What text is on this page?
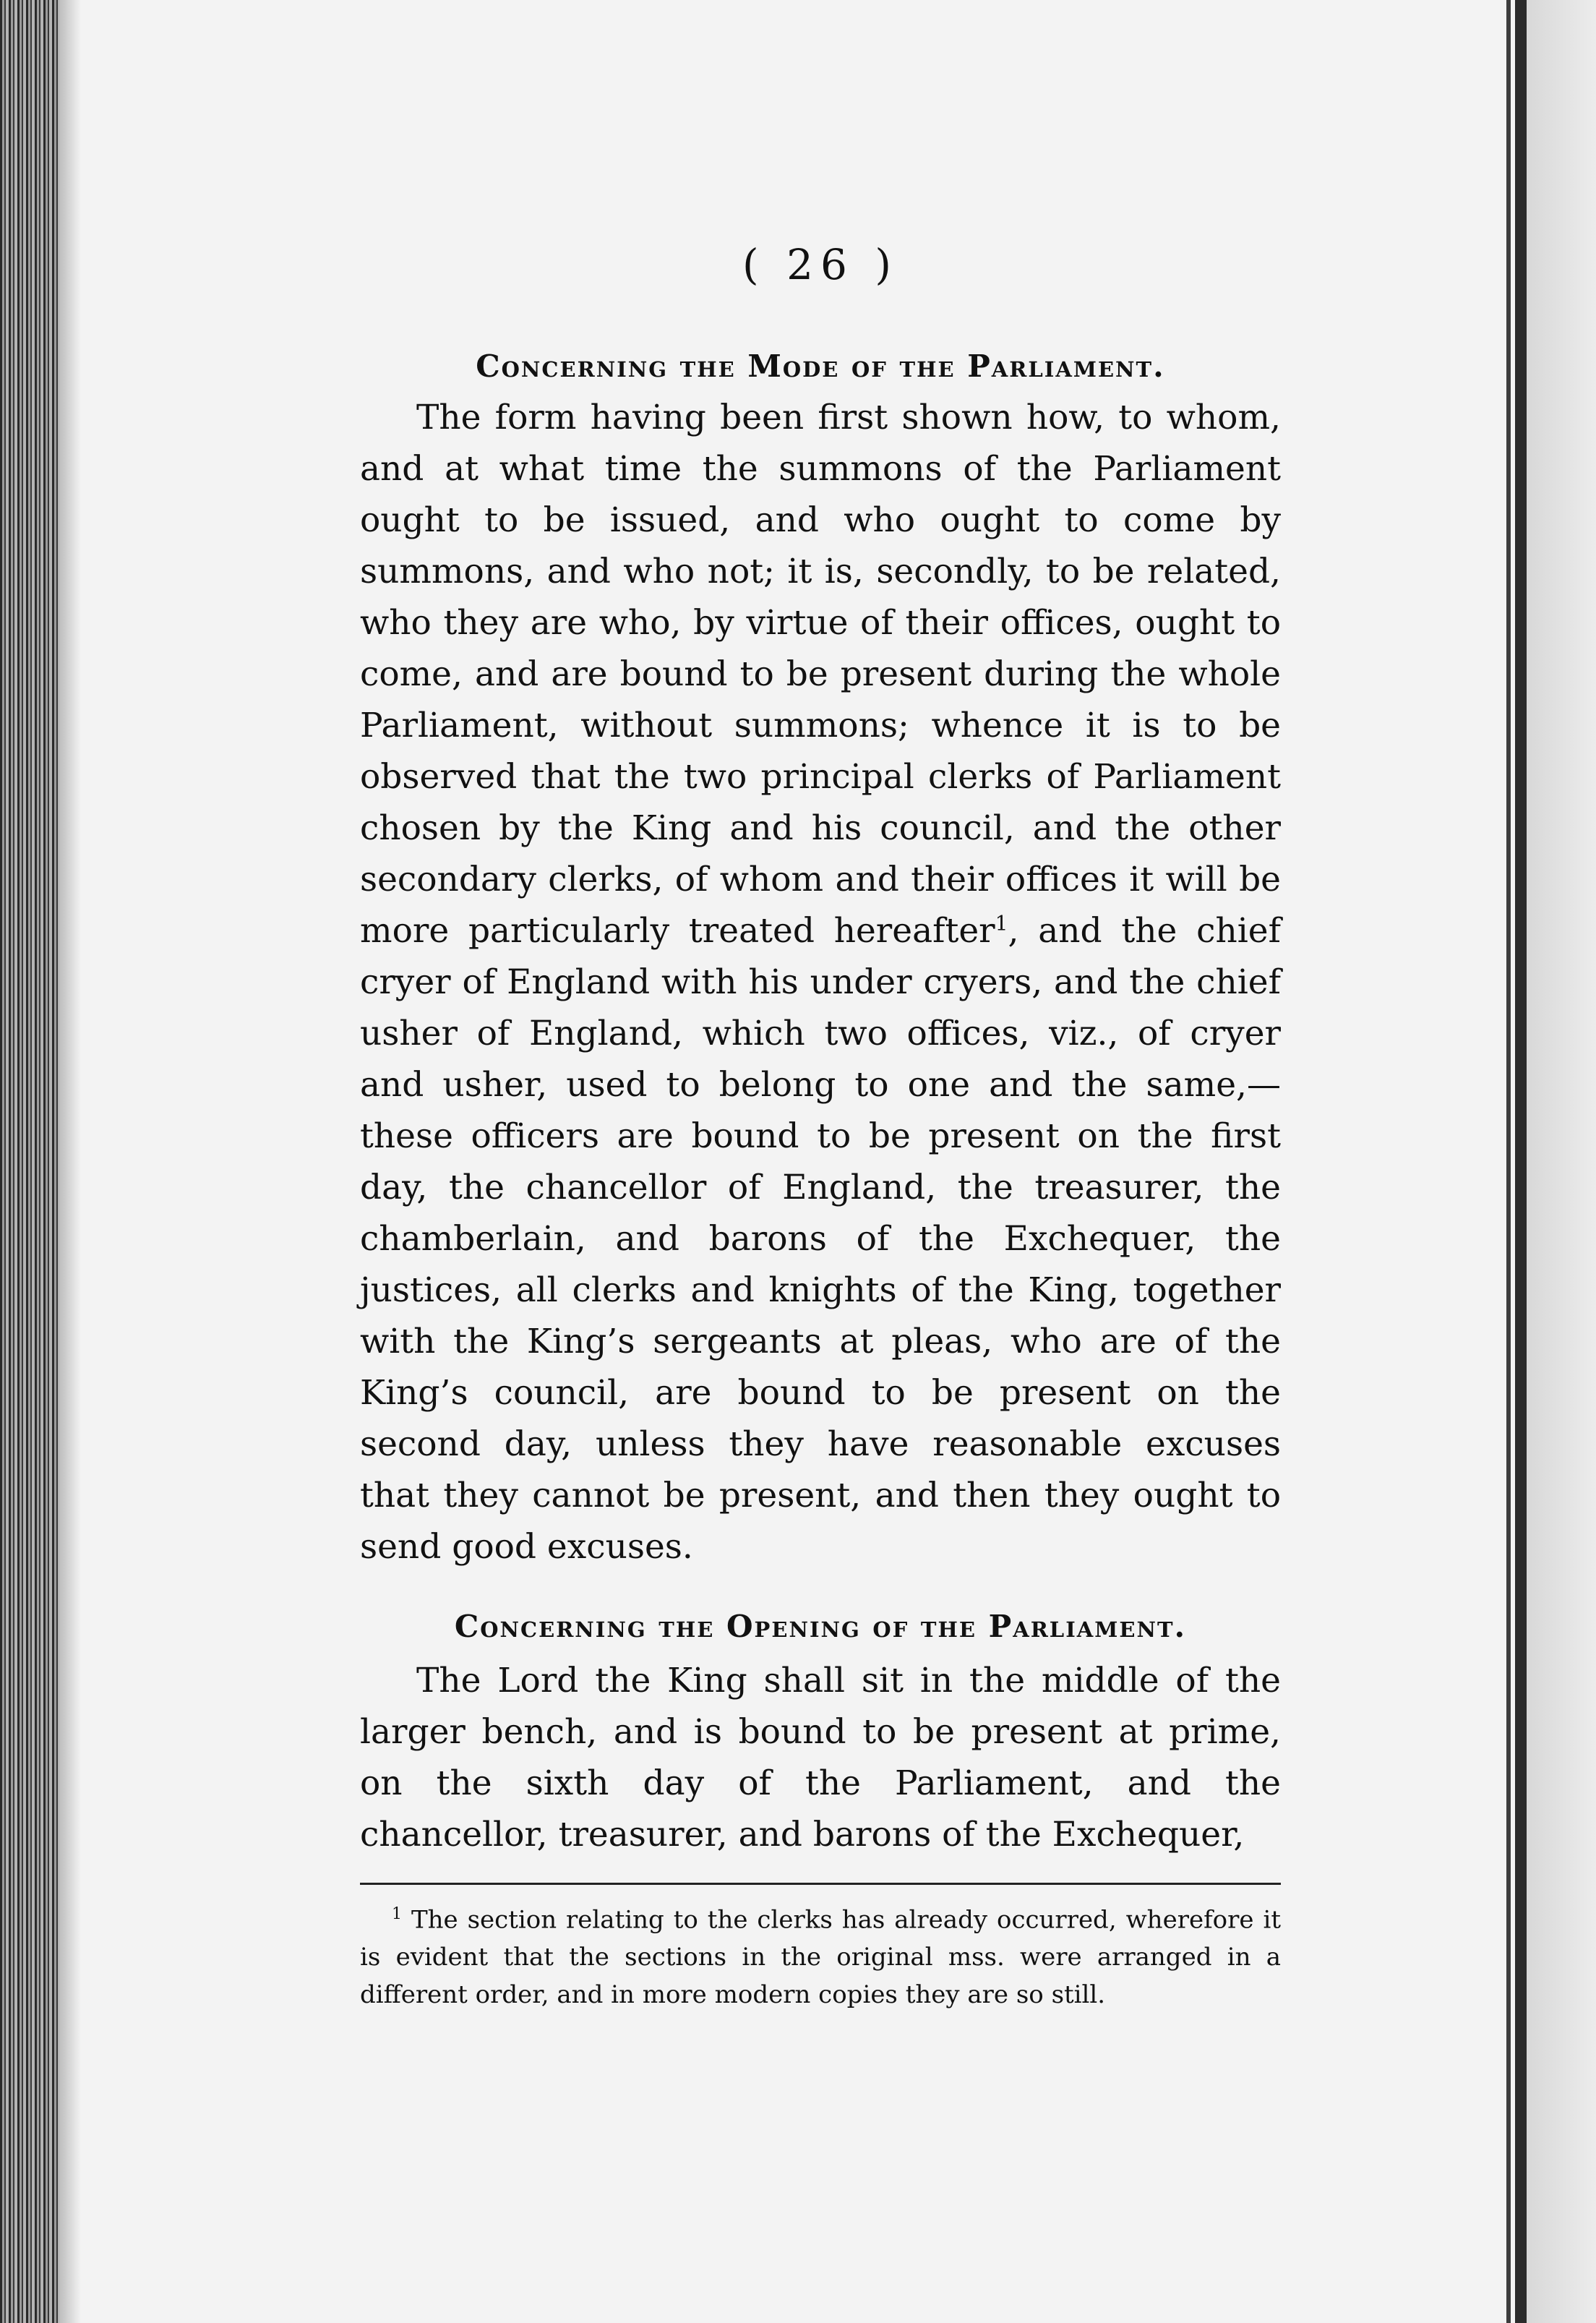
( 26 )
Concerning the Mode of the Parliament.

The form having been first shown how, to whom, and at what time the summons of the Parliament ought to be issued, and who ought to come by summons, and who not; it is, secondly, to be related, who they are who, by virtue of their offices, ought to come, and are bound to be present during the whole Parliament, without summons; whence it is to be observed that the two principal clerks of Parliament chosen by the King and his council, and the other secondary clerks, of whom and their offices it will be more particularly treated hereafter$^1$, and the chief cryer of England with his under cryers, and the chief usher of England, which two offices, viz., of cryer and usher, used to belong to one and the same,—these officers are bound to be present on the first day, the chancellor of England, the treasurer, the chamberlain, and barons of the Exchequer, the justices, all clerks and knights of the King, together with the King’s sergeants at pleas, who are of the King’s council, are bound to be present on the second day, unless they have reasonable excuses that they cannot be present, and then they ought to send good excuses.

Concerning the Opening of the Parliament.

The Lord the King shall sit in the middle of the larger bench, and is bound to be present at prime, on the sixth day of the Parliament, and the chancellor, treasurer, and barons of the Exchequer,

$^1$ The section relating to the clerks has already occurred, wherefore it is evident that the sections in the original mss. were arranged in a different order, and in more modern copies they are so still.
